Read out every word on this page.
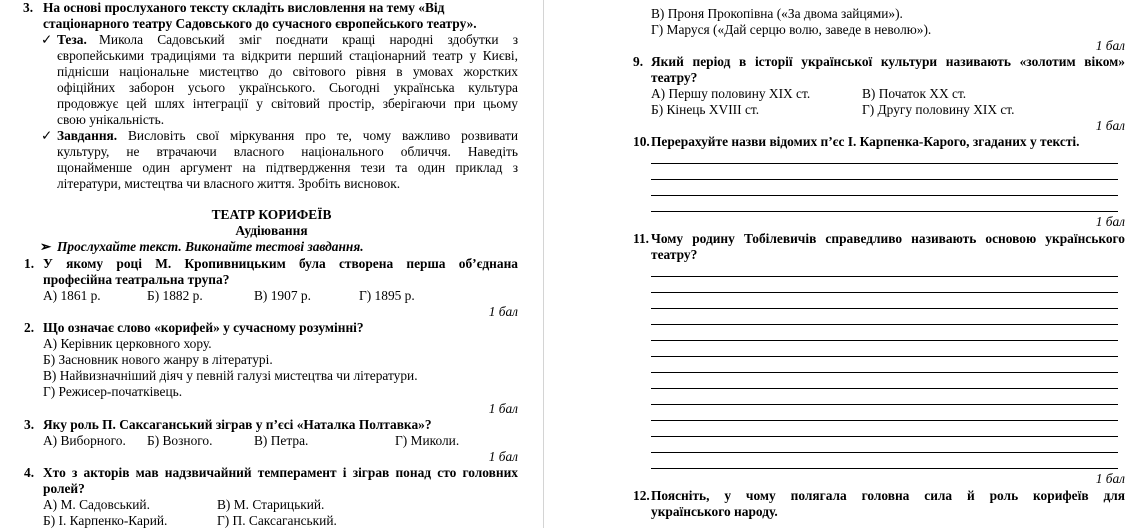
3. На основі прослуханого тексту складіть висловлення на тему «Від
стаціонарного театру Садовського до сучасного європейського театру».
✓ Теза. Микола Садовський зміг поєднати кращі народні здобутки з
європейськими традиціями та відкрити перший стаціонарний театр у Києві,
піднісши національне мистецтво до світового рівня в умовах жорстких
офіційних заборон усього українського. Сьогодні українська культура
продовжує цей шлях інтеграції у світовий простір, зберігаючи при цьому
свою унікальність.
✓ Завдання. Висловіть свої міркування про те, чому важливо розвивати
культуру, не втрачаючи власного національного обличчя. Наведіть
щонайменше один аргумент на підтвердження тези та один приклад з
літератури, мистецтва чи власного життя. Зробіть висновок.
ТЕАТР КОРИФЕЇВ
Аудіювання
➢ Прослухайте текст. Виконайте тестові завдання.
1. У якому році М. Кропивницьким була створена перша об’єднана
професійна театральна трупа?
А) 1861 р.	Б) 1882 р.	В) 1907 р.	Г) 1895 р.
1 бал
2. Що означає слово «корифей» у сучасному розумінні?
А) Керівник церковного хору.
Б) Засновник нового жанру в літературі.
В) Найвизначніший діяч у певній галузі мистецтва чи літератури.
Г) Режисер-початківець.
1 бал
3. Яку роль П. Саксаганський зіграв у п’єсі «Наталка Полтавка»?
А) Виборного. Б) Возного.	В) Петра.	Г) Миколи.
1 бал
4. Хто з акторів мав надзвичайний темперамент і зіграв понад сто головних
ролей?
А) М. Садовський.	В) М. Старицький.
Б) І. Карпенко-Карий.	Г) П. Саксаганський.

В) Проня Прокопівна («За двома зайцями»).
Г) Маруся («Дай серцю волю, заведе в неволю»).
1 бал
9. Який період в історії української культури називають «золотим віком»
театру?
А) Першу половину ХІХ ст.	В) Початок ХХ ст.
Б) Кінець XVIII ст.	Г) Другу половину ХІХ ст.
1 бал
10. Перерахуйте назви відомих п’єс І. Карпенка-Карого, згаданих у тексті.
1 бал
11. Чому родину Тобілевичів справедливо називають основою українського
театру?
1 бал
12. Поясніть, у чому полягала головна сила й роль корифеїв для
українського народу.
